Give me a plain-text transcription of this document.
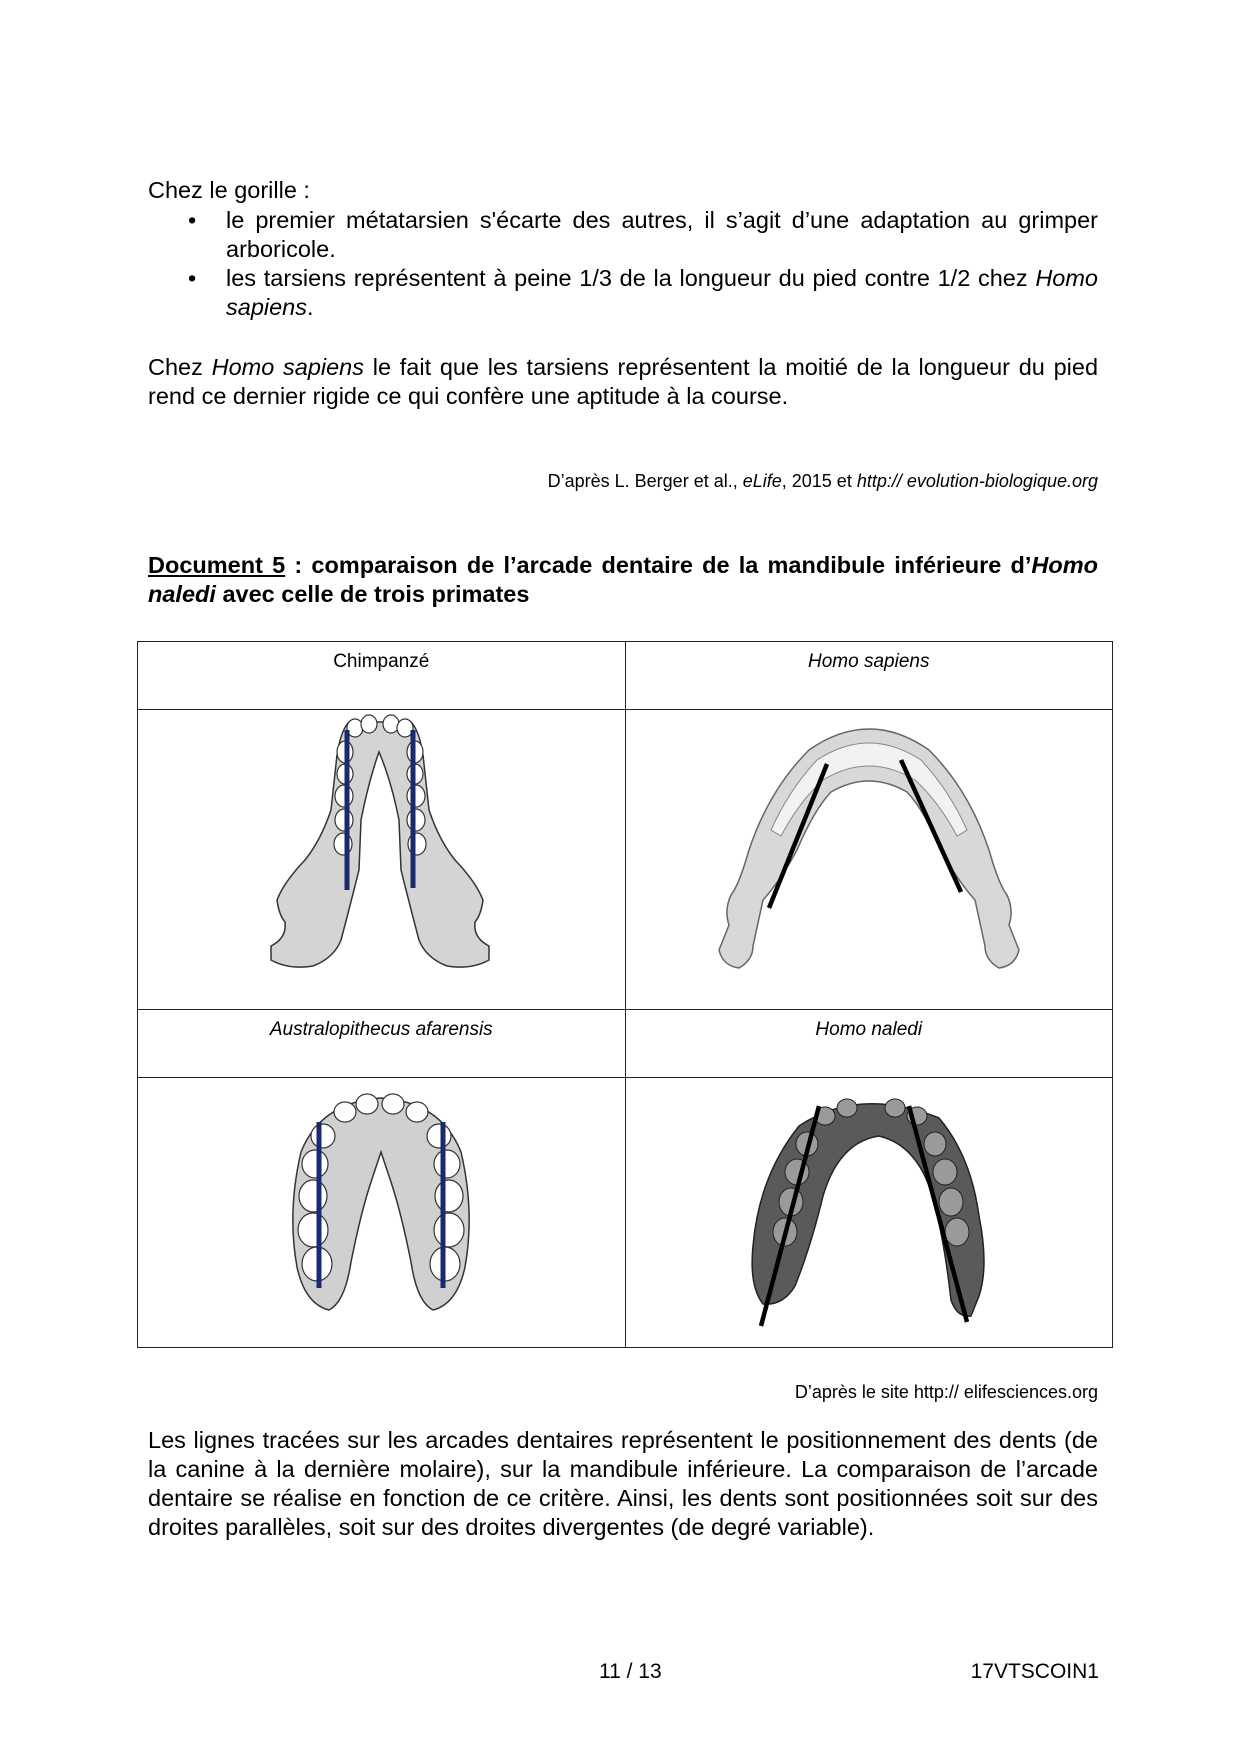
Chez le gorille :

• le premier métatarsien s'écarte des autres, il s’agit d’une adaptation au grimper arboricole.
• les tarsiens représentent à peine 1/3 de la longueur du pied contre 1/2 chez Homo sapiens.

Chez Homo sapiens le fait que les tarsiens représentent la moitié de la longueur du pied rend ce dernier rigide ce qui confère une aptitude à la course.

D’après L. Berger et al., eLife, 2015 et http:// evolution-biologique.org

Document 5 : comparaison de l’arcade dentaire de la mandibule inférieure d’Homo naledi avec celle de trois primates

Chimpanzé	Homo sapiens

Australopithecus afarensis	Homo naledi

D’après le site http:// elifesciences.org

Les lignes tracées sur les arcades dentaires représentent le positionnement des dents (de la canine à la dernière molaire), sur la mandibule inférieure. La comparaison de l’arcade dentaire se réalise en fonction de ce critère. Ainsi, les dents sont positionnées soit sur des droites parallèles, soit sur des droites divergentes (de degré variable).

11 / 13	17VTSCOIN1
